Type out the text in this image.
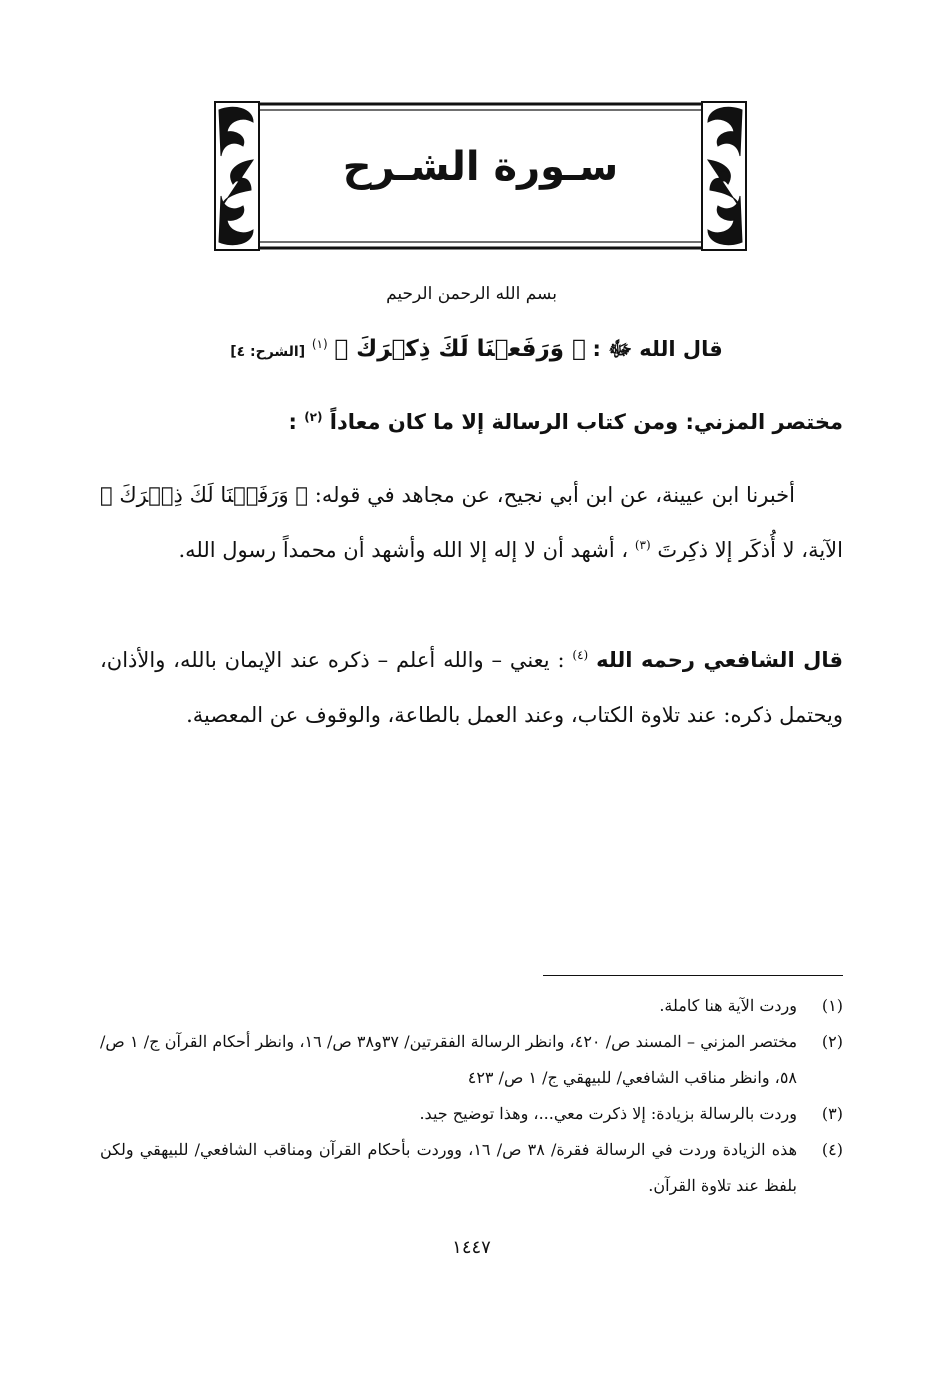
سـورة الشـرح
بسم الله الرحمن الرحيم
قال الله ﷻ : ﴿ وَرَفَعۡنَا لَكَ ذِكۡرَكَ ﴾ $^{(١)}$ [الشرح: ٤]
مختصر المزني: ومن كتاب الرسالة إلا ما كان معاداً $^{(٢)}$ :
أخبرنا ابن عيينة، عن ابن أبي نجيح، عن مجاهد في قوله: ﴿ وَرَفَعۡنَا لَكَ ذِكۡرَكَ ﴾ الآية، لا أُذكَر إلا ذكِرتَ $^{(٣)}$ ، أشهد أن لا إله إلا الله وأشهد أن محمداً رسول الله.
قال الشافعي رحمه الله $^{(٤)}$ : يعني – والله أعلم – ذكره عند الإيمان بالله، والأذان، ويحتمل ذكره: عند تلاوة الكتاب، وعند العمل بالطاعة، والوقوف عن المعصية.
(١)
وردت الآية هنا كاملة.
(٢)
مختصر المزني – المسند ص/ ٤٢٠، وانظر الرسالة الفقرتين/ ٣٧و٣٨ ص/ ١٦، وانظر أحكام القرآن ج/ ١ ص/ ٥٨، وانظر مناقب الشافعي/ للبيهقي ج/ ١ ص/ ٤٢٣
(٣)
وردت بالرسالة بزيادة: إلا ذكرت معي...، وهذا توضيح جيد.
(٤)
هذه الزيادة وردت في الرسالة فقرة/ ٣٨ ص/ ١٦، ووردت بأحكام القرآن ومناقب الشافعي/ للبيهقي ولكن بلفظ عند تلاوة القرآن.
١٤٤٧
